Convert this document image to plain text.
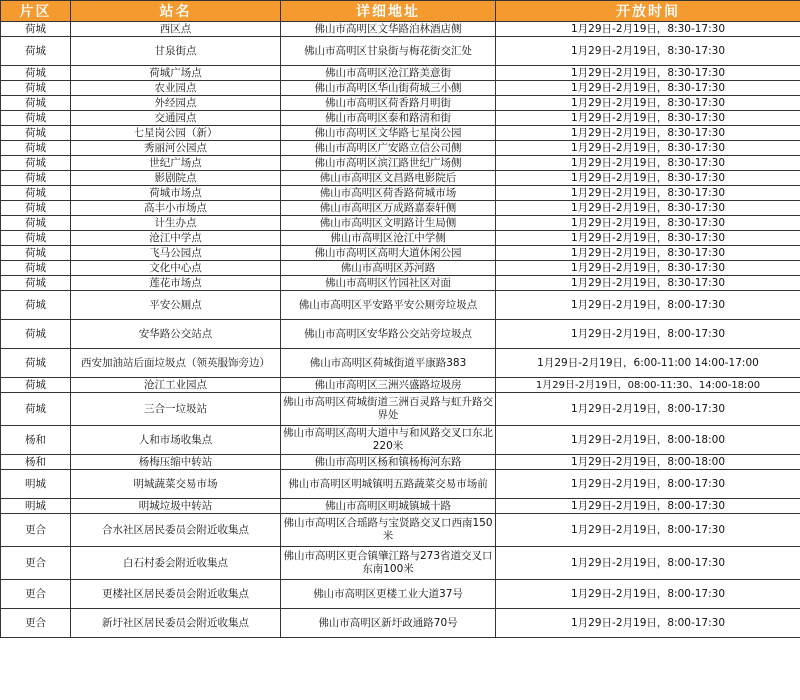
片区	站名	详细地址	开放时间
荷城	西区点	佛山市高明区文华路泊林酒店侧	1月29日-2月19日，8:30-17:30
荷城	甘泉街点	佛山市高明区甘泉街与梅花街交汇处	1月29日-2月19日，8:30-17:30
荷城	荷城广场点	佛山市高明区沧江路美意街	1月29日-2月19日，8:30-17:30
荷城	农业园点	佛山市高明区华山街荷城三小侧	1月29日-2月19日，8:30-17:30
荷城	外经园点	佛山市高明区荷香路月明街	1月29日-2月19日，8:30-17:30
荷城	交通园点	佛山市高明区泰和路清和街	1月29日-2月19日，8:30-17:30
荷城	七星岗公园（新）	佛山市高明区文华路七星岗公园	1月29日-2月19日，8:30-17:30
荷城	秀丽河公园点	佛山市高明区广安路立信公司侧	1月29日-2月19日，8:30-17:30
荷城	世纪广场点	佛山市高明区滨江路世纪广场侧	1月29日-2月19日，8:30-17:30
荷城	影剧院点	佛山市高明区文昌路电影院后	1月29日-2月19日，8:30-17:30
荷城	荷城市场点	佛山市高明区荷香路荷城市场	1月29日-2月19日，8:30-17:30
荷城	高丰小市场点	佛山市高明区万成路嘉泰轩侧	1月29日-2月19日，8:30-17:30
荷城	计生办点	佛山市高明区文明路计生局侧	1月29日-2月19日，8:30-17:30
荷城	沧江中学点	佛山市高明区沧江中学侧	1月29日-2月19日，8:30-17:30
荷城	飞马公园点	佛山市高明区高明大道休闲公园	1月29日-2月19日，8:30-17:30
荷城	文化中心点	佛山市高明区苏河路	1月29日-2月19日，8:30-17:30
荷城	莲花市场点	佛山市高明区竹园社区对面	1月29日-2月19日，8:30-17:30
荷城	平安公厕点	佛山市高明区平安路平安公厕旁垃圾点	1月29日-2月19日，8:00-17:30
荷城	安华路公交站点	佛山市高明区安华路公交站旁垃圾点	1月29日-2月19日，8:00-17:30
荷城	西安加油站后面垃圾点（领英服饰旁边）	佛山市高明区荷城街道平康路383	1月29日-2月19日，6:00-11:00 14:00-17:00
荷城	沧江工业园点	佛山市高明区三洲兴盛路垃圾房	1月29日-2月19日，08:00-11:30、14:00-18:00
荷城	三合一垃圾站	佛山市高明区荷城街道三洲百灵路与虹升路交界处	1月29日-2月19日，8:00-17:30
杨和	人和市场收集点	佛山市高明区高明大道中与和风路交叉口东北220米	1月29日-2月19日，8:00-18:00
杨和	杨梅压缩中转站	佛山市高明区杨和镇杨梅河东路	1月29日-2月19日，8:00-18:00
明城	明城蔬菜交易市场	佛山市高明区明城镇明五路蔬菜交易市场前	1月29日-2月19日，8:00-17:30
明城	明城垃圾中转站	佛山市高明区明城镇城十路	1月29日-2月19日，8:00-17:30
更合	合水社区居民委员会附近收集点	佛山市高明区合瑶路与宝贤路交叉口西南150米	1月29日-2月19日，8:00-17:30
更合	白石村委会附近收集点	佛山市高明区更合镇肇江路与273省道交叉口东南100米	1月29日-2月19日，8:00-17:30
更合	更楼社区居民委员会附近收集点	佛山市高明区更楼工业大道37号	1月29日-2月19日，8:00-17:30
更合	新圩社区居民委员会附近收集点	佛山市高明区新圩政通路70号	1月29日-2月19日，8:00-17:30
